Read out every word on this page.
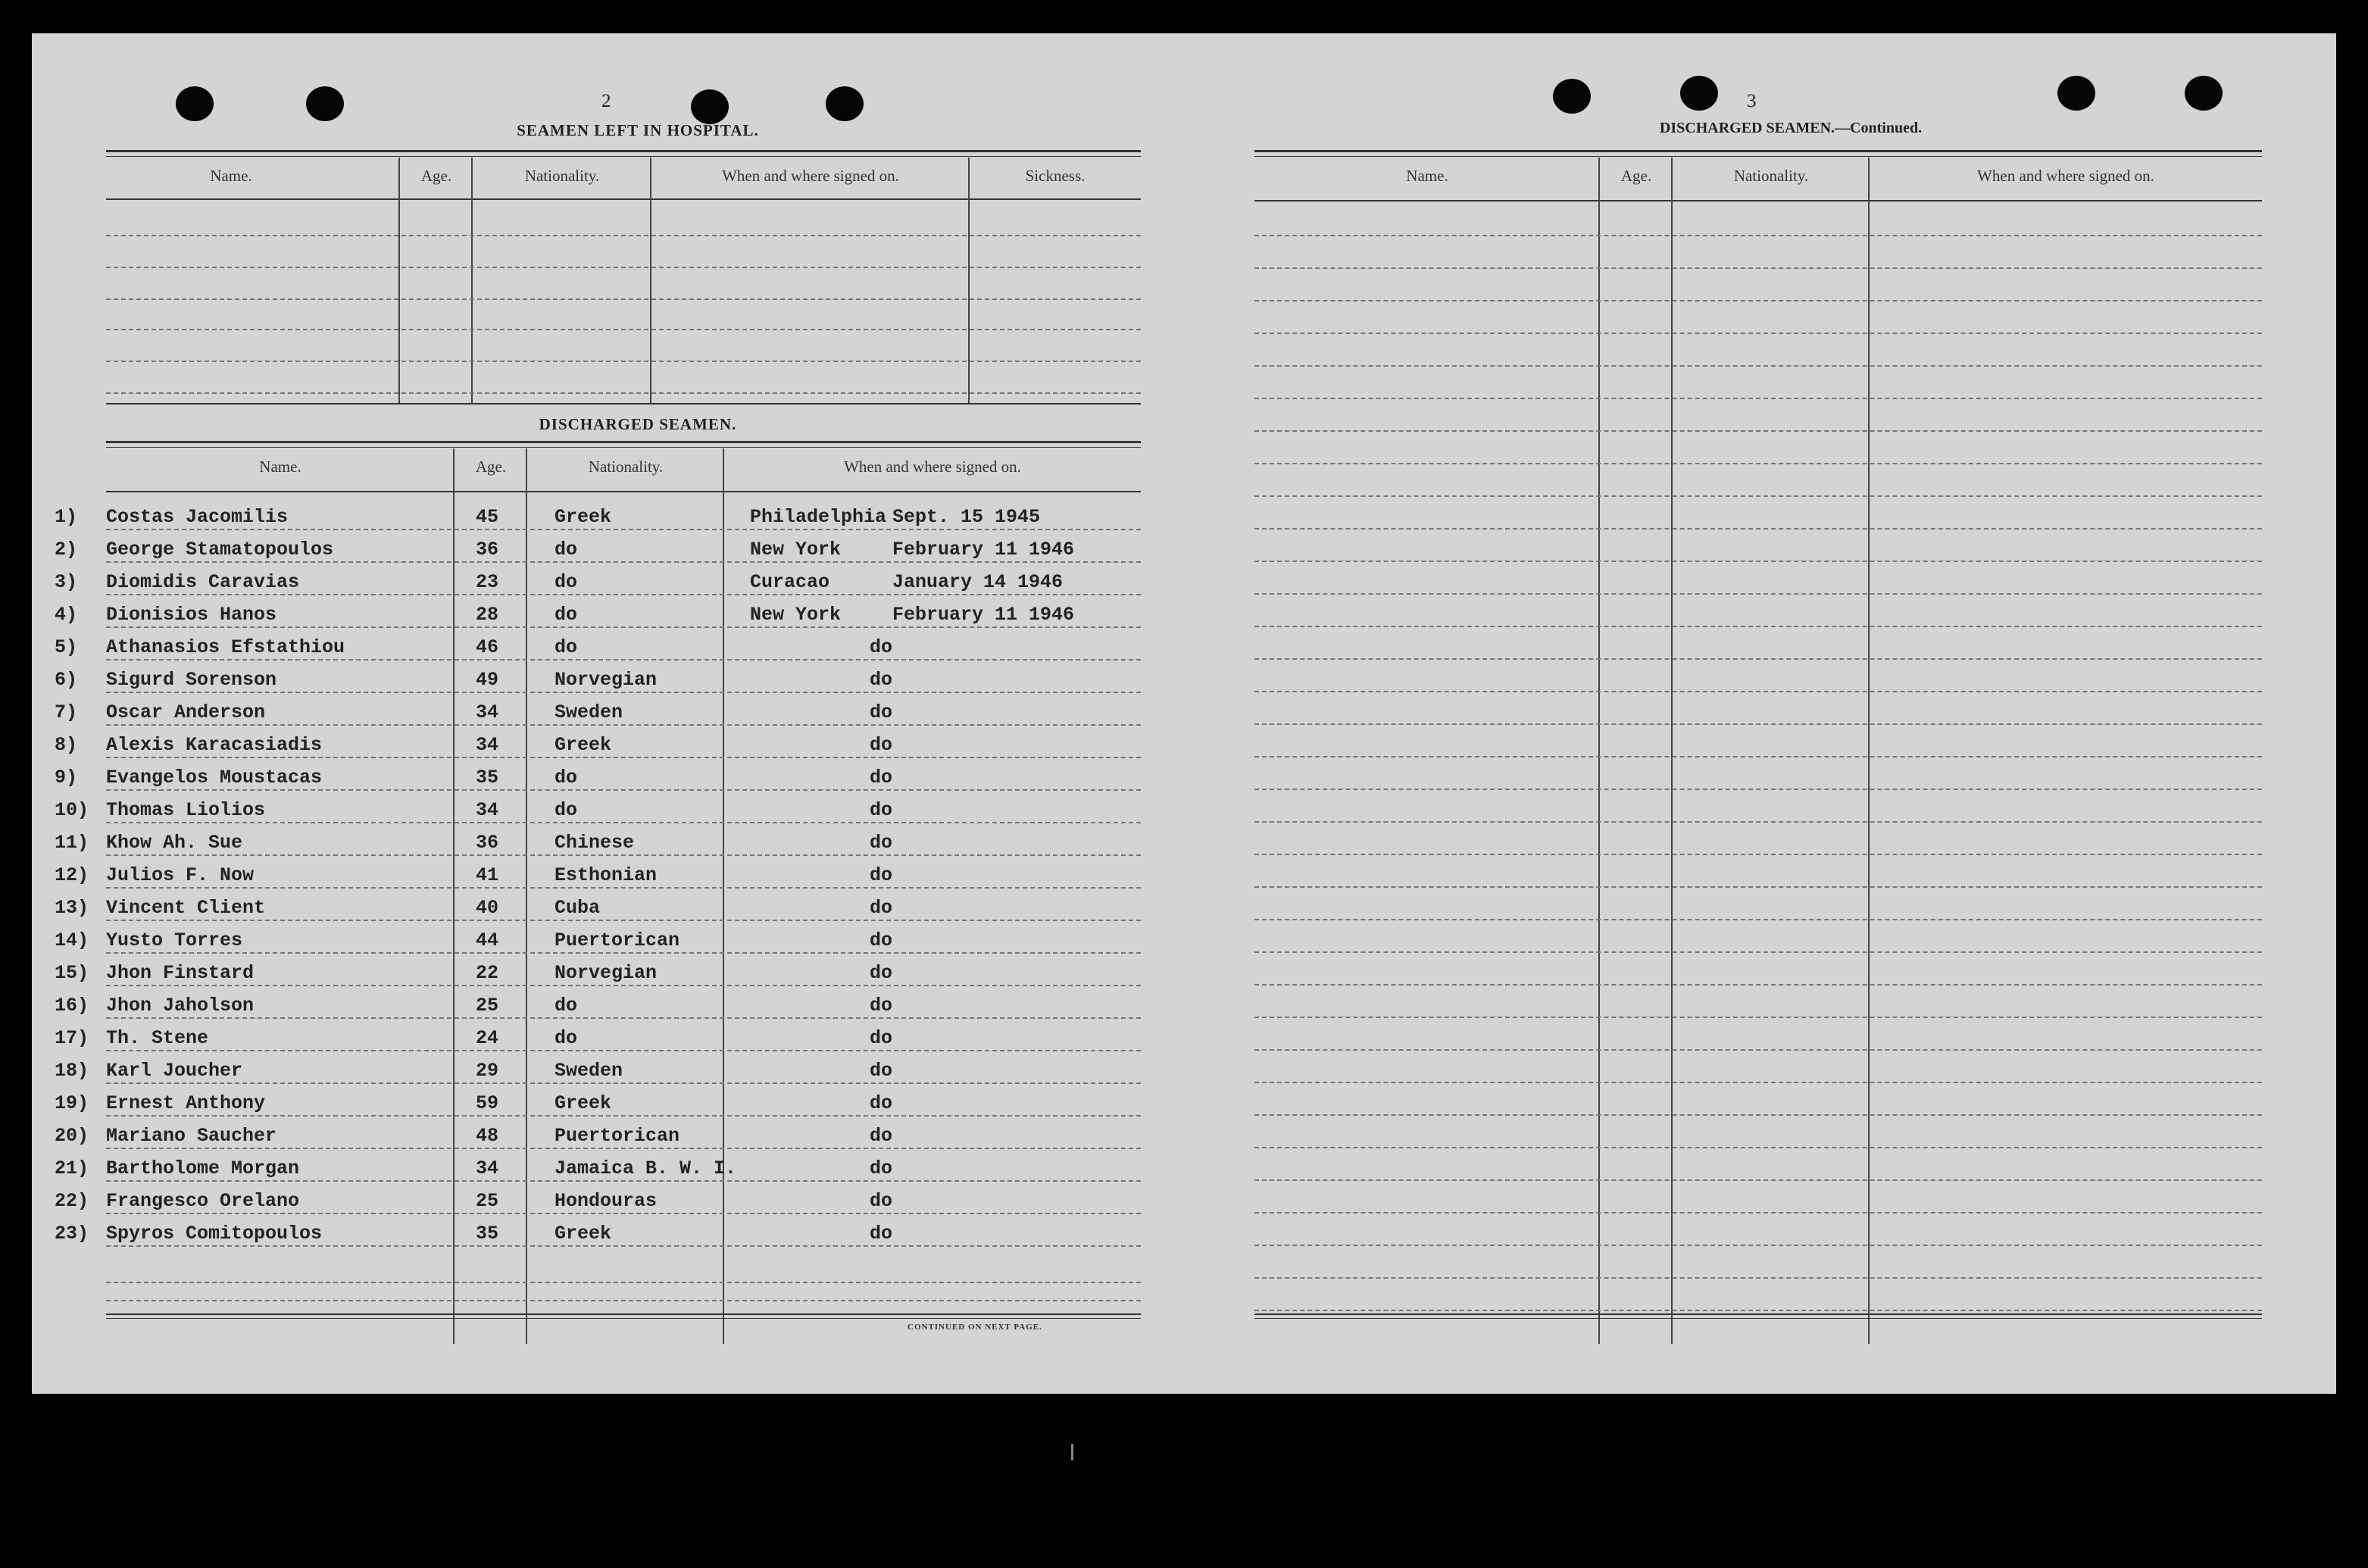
2
SEAMEN LEFT IN HOSPITAL.
Name.	Age.	Nationality.	When and where signed on.	Sickness.
DISCHARGED SEAMEN.
Name.	Age.	Nationality.	When and where signed on.
1) Costas Jacomilis	45	Greek	Philadelphia Sept. 15 1945
2) George Stamatopoulos	36	do	New York	February 11 1946
3) Diomidis Caravias	23	do	Curacao	January 14 1946
4) Dionisios Hanos	28	do	New York	February 11 1946
5) Athanasios Efstathiou	46	do	do
6) Sigurd Sorenson	49	Norvegian	do
7) Oscar Anderson	34	Sweden	do
8) Alexis Karacasiadis	34	Greek	do
9) Evangelos Moustacas	35	do	do
10) Thomas Liolios	34	do	do
11) Khow Ah. Sue	36	Chinese	do
12) Julios F. Now	41	Esthonian	do
13) Vincent Client	40	Cuba	do
14) Yusto Torres	44	Puertorican	do
15) Jhon Finstard	22	Norvegian	do
16) Jhon Jaholson	25	do	do
17) Th. Stene	24	do	do
18) Karl Joucher	29	Sweden	do
19) Ernest Anthony	59	Greek	do
20) Mariano Saucher	48	Puertorican	do
21) Bartholome Morgan	34	Jamaica B. W. I.	do
22) Frangesco Orelano	25	Hondouras	do
23) Spyros Comitopoulos	35	Greek	do
CONTINUED ON NEXT PAGE.
3
DISCHARGED SEAMEN.—Continued.
Name.	Age.	Nationality.	When and where signed on.
